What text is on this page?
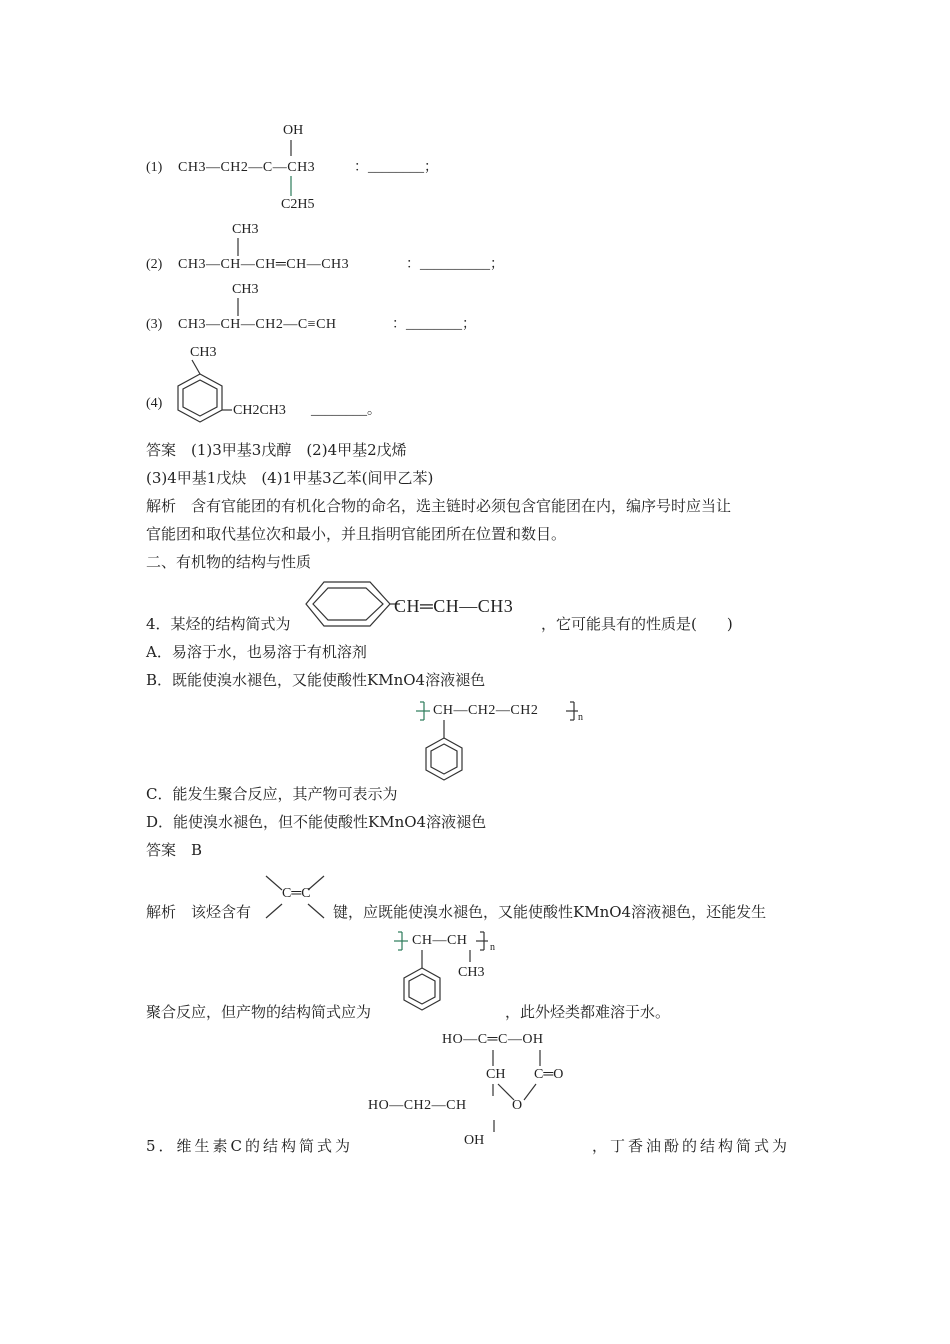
OH
(1) CH3—CH2—C—CH3	：________；
C2H5
CH3
(2) CH3—CH—CH═CH—CH3	：__________；
CH3
(3) CH3—CH—CH2—C≡CH	：________；
CH3
(4)	CH2CH3 ________。
答案　(1)3甲基3戊醇　(2)4甲基2戊烯
(3)4甲基1戊炔　(4)1甲基3乙苯(间甲乙苯)
解析　含有官能团的有机化合物的命名，选主链时必须包含官能团在内，编序号时应当让
官能团和取代基位次和最小，并且指明官能团所在位置和数目。
二、有机物的结构与性质
CH═CH—CH3
4．某烃的结构简式为	，它可能具有的性质是(　　)
A．易溶于水，也易溶于有机溶剂
B．既能使溴水褪色，又能使酸性KMnO4溶液褪色
CH—CH2—CH2	n
C．能发生聚合反应，其产物可表示为
D．能使溴水褪色，但不能使酸性KMnO4溶液褪色
答案　B
C═C
解析　该烃含有	键，应既能使溴水褪色，又能使酸性KMnO4溶液褪色，还能发生
CH—CH n
CH3
聚合反应，但产物的结构简式应为	，此外烃类都难溶于水。
HO—C═C—OH
CH C═O
HO—CH2—CH	O
OH
5．维生素C的结构简式为	，丁香油酚的结构简式为
